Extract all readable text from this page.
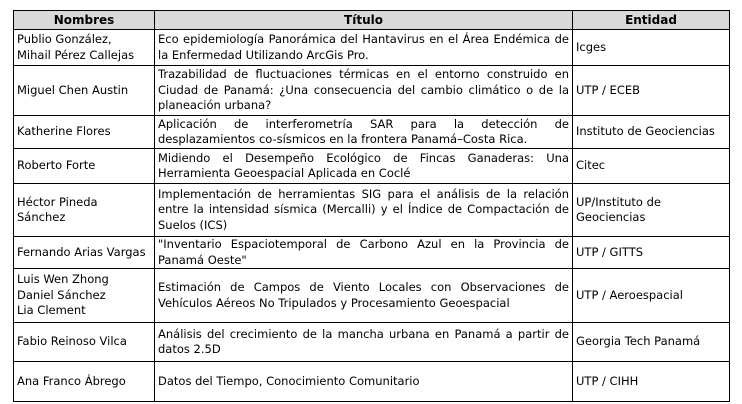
Nombres	Título	Entidad

Publio González,
Mihail Pérez Callejas	Eco epidemiología Panorámica del Hantavirus en el Área Endémica de la Enfermedad Utilizando ArcGis Pro.	Icges

Miguel Chen Austin	Trazabilidad de fluctuaciones térmicas en el entorno construido en Ciudad de Panamá: ¿Una consecuencia del cambio climático o de la planeación urbana?	UTP / ECEB

Katherine Flores	Aplicación de interferometría SAR para la detección de desplazamientos co-sísmicos en la frontera Panamá–Costa Rica.	Instituto de Geociencias

Roberto Forte	Midiendo el Desempeño Ecológico de Fincas Ganaderas: Una Herramienta Geoespacial Aplicada en Coclé	Citec

Héctor Pineda
Sánchez	Implementación de herramientas SIG para el análisis de la relación entre la intensidad sísmica (Mercalli) y el Índice de Compactación de Suelos (ICS)	UP/Instituto de
Geociencias

Fernando Arias Vargas	"Inventario Espaciotemporal de Carbono Azul en la Provincia de Panamá Oeste"	UTP / GITTS

Luis Wen Zhong
Daniel Sánchez
Lia Clement	Estimación de Campos de Viento Locales con Observaciones de Vehículos Aéreos No Tripulados y Procesamiento Geoespacial	UTP / Aeroespacial

Fabio Reinoso Vilca	Análisis del crecimiento de la mancha urbana en Panamá a partir de datos 2.5D	Georgia Tech Panamá

Ana Franco Ábrego	Datos del Tiempo, Conocimiento Comunitario	UTP / CIHH
